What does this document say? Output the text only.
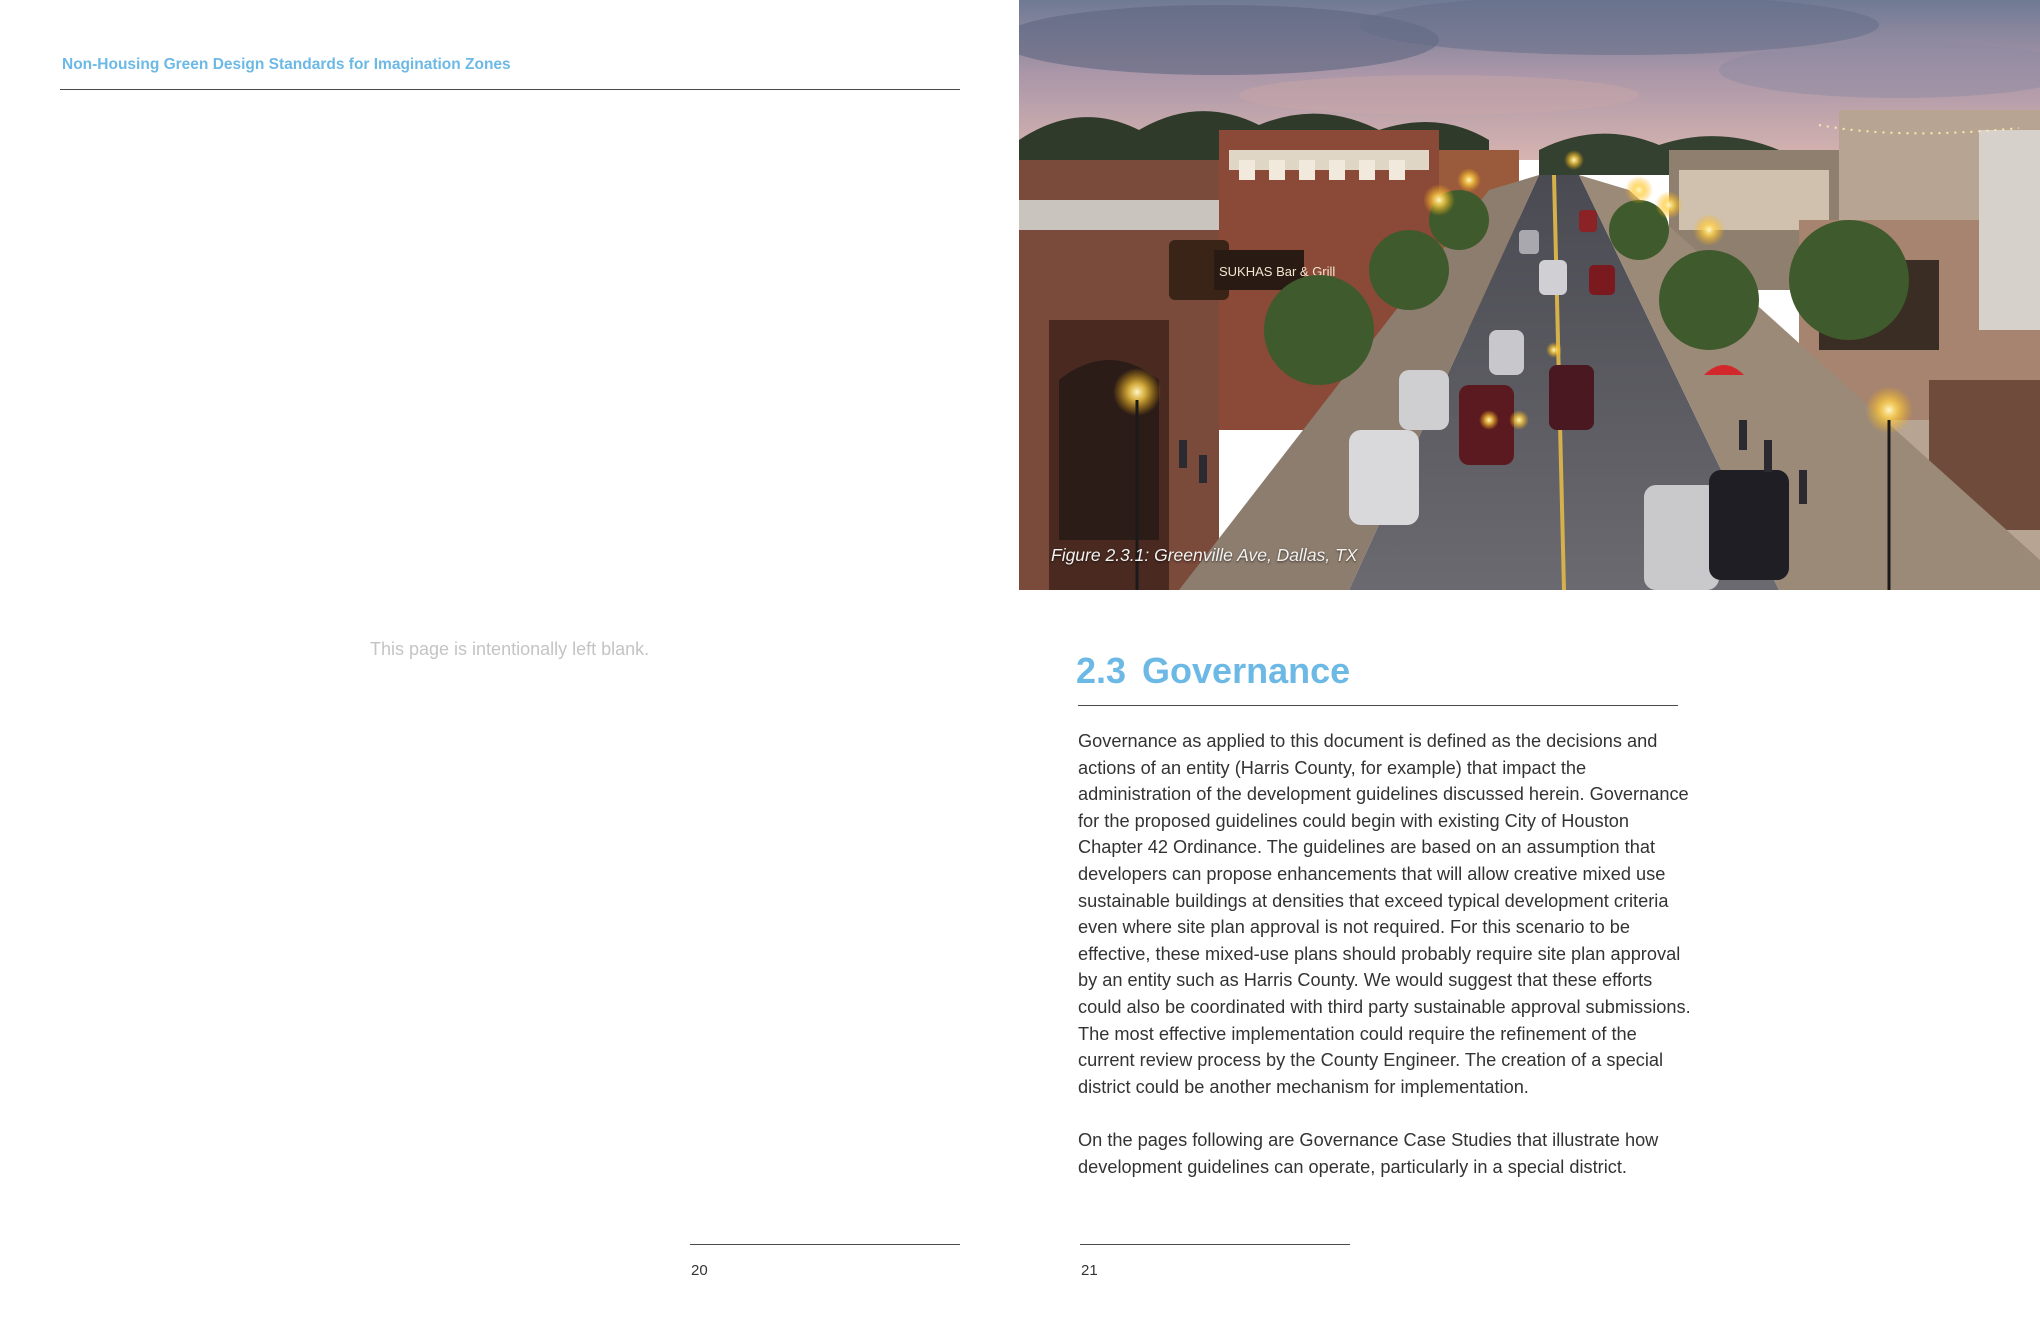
Non-Housing Green Design Standards for Imagination Zones
This page is intentionally left blank.
20
SUKHAS Bar & Grill
Figure 2.3.1: Greenville Ave, Dallas, TX
2.3 Governance

Governance as applied to this document is defined as the decisions and actions of an entity (Harris County, for example) that impact the administration of the development guidelines discussed herein. Governance for the proposed guidelines could begin with existing City of Houston Chapter 42 Ordinance. The guidelines are based on an assumption that developers can propose enhancements that will allow creative mixed use sustainable buildings at densities that exceed typical development criteria even where site plan approval is not required. For this scenario to be effective, these mixed-use plans should probably require site plan approval by an entity such as Harris County. We would suggest that these efforts could also be coordinated with third party sustainable approval submissions. The most effective implementation could require the refinement of the current review process by the County Engineer. The creation of a special district could be another mechanism for implementation.

On the pages following are Governance Case Studies that illustrate how development guidelines can operate, particularly in a special district.

21
